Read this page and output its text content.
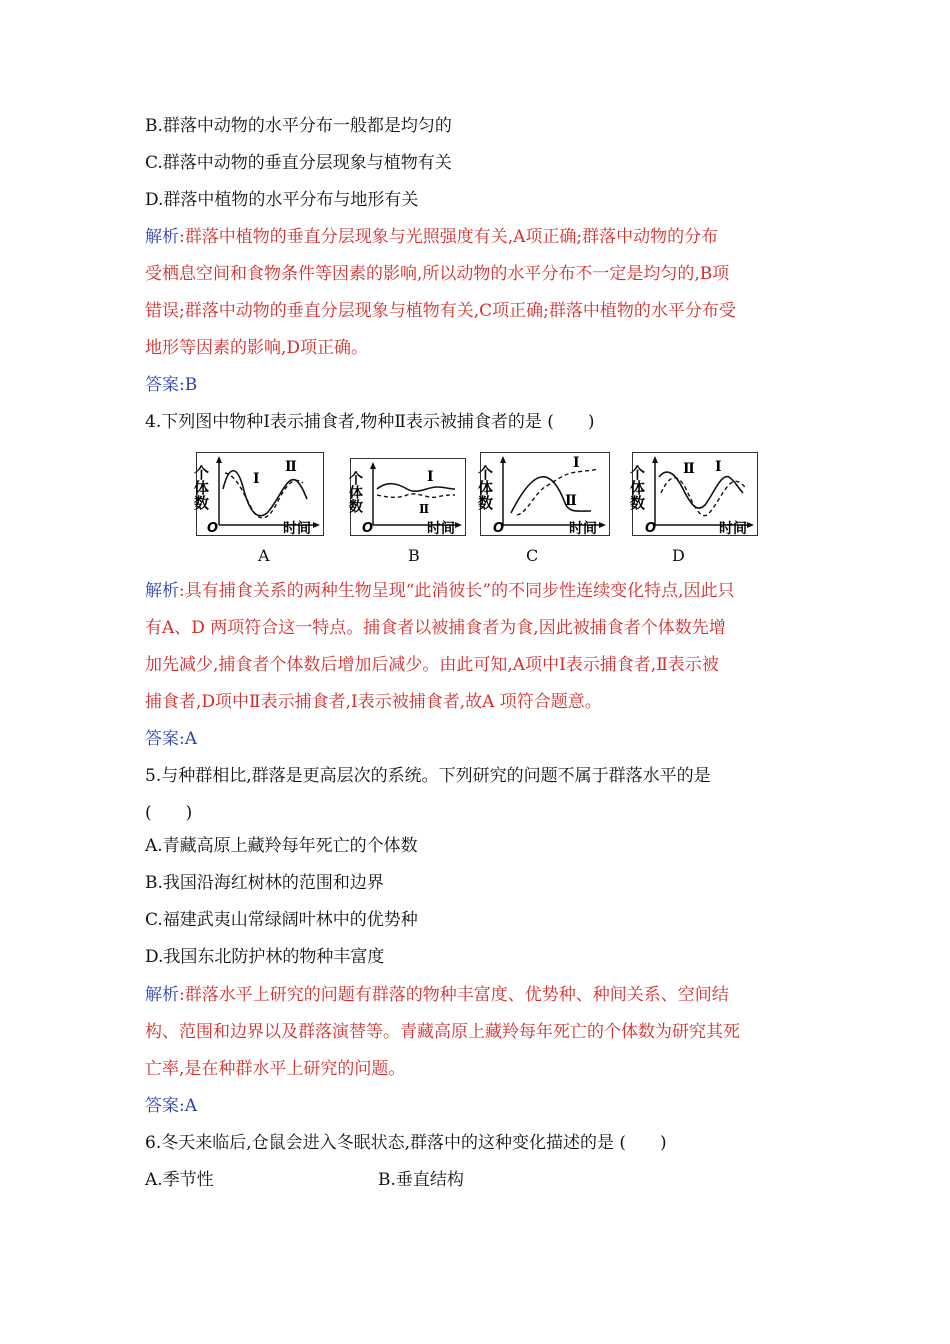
B.群落中动物的水平分布一般都是均匀的
C.群落中动物的垂直分层现象与植物有关
D.群落中植物的水平分布与地形有关
解析:群落中植物的垂直分层现象与光照强度有关,A项正确;群落中动物的分布
受栖息空间和食物条件等因素的影响,所以动物的水平分布不一定是均匀的,B项
错误;群落中动物的垂直分层现象与植物有关,C项正确;群落中植物的水平分布受
地形等因素的影响,D项正确。
答案:B
4.下列图中物种Ⅰ表示捕食者,物种Ⅱ表示被捕食者的是 (　　)
个体数
O	时间
Ⅰ
Ⅱ
A
个体数
O	时间
Ⅰ
Ⅱ
B
个体数
O	时间
Ⅰ
Ⅱ
C
个体数
O	时间
Ⅱ Ⅰ
D
解析:具有捕食关系的两种生物呈现“此消彼长”的不同步性连续变化特点,因此只
有A、D 两项符合这一特点。捕食者以被捕食者为食,因此被捕食者个体数先增
加先减少,捕食者个体数后增加后减少。由此可知,A项中Ⅰ表示捕食者,Ⅱ表示被
捕食者,D项中Ⅱ表示捕食者,Ⅰ表示被捕食者,故A 项符合题意。
答案:A
5.与种群相比,群落是更高层次的系统。下列研究的问题不属于群落水平的是
(　　)
A.青藏高原上藏羚每年死亡的个体数
B.我国沿海红树林的范围和边界
C.福建武夷山常绿阔叶林中的优势种
D.我国东北防护林的物种丰富度
解析:群落水平上研究的问题有群落的物种丰富度、优势种、种间关系、空间结
构、范围和边界以及群落演替等。青藏高原上藏羚每年死亡的个体数为研究其死
亡率,是在种群水平上研究的问题。
答案:A
6.冬天来临后,仓鼠会进入冬眠状态,群落中的这种变化描述的是 (　　)
A.季节性	B.垂直结构
